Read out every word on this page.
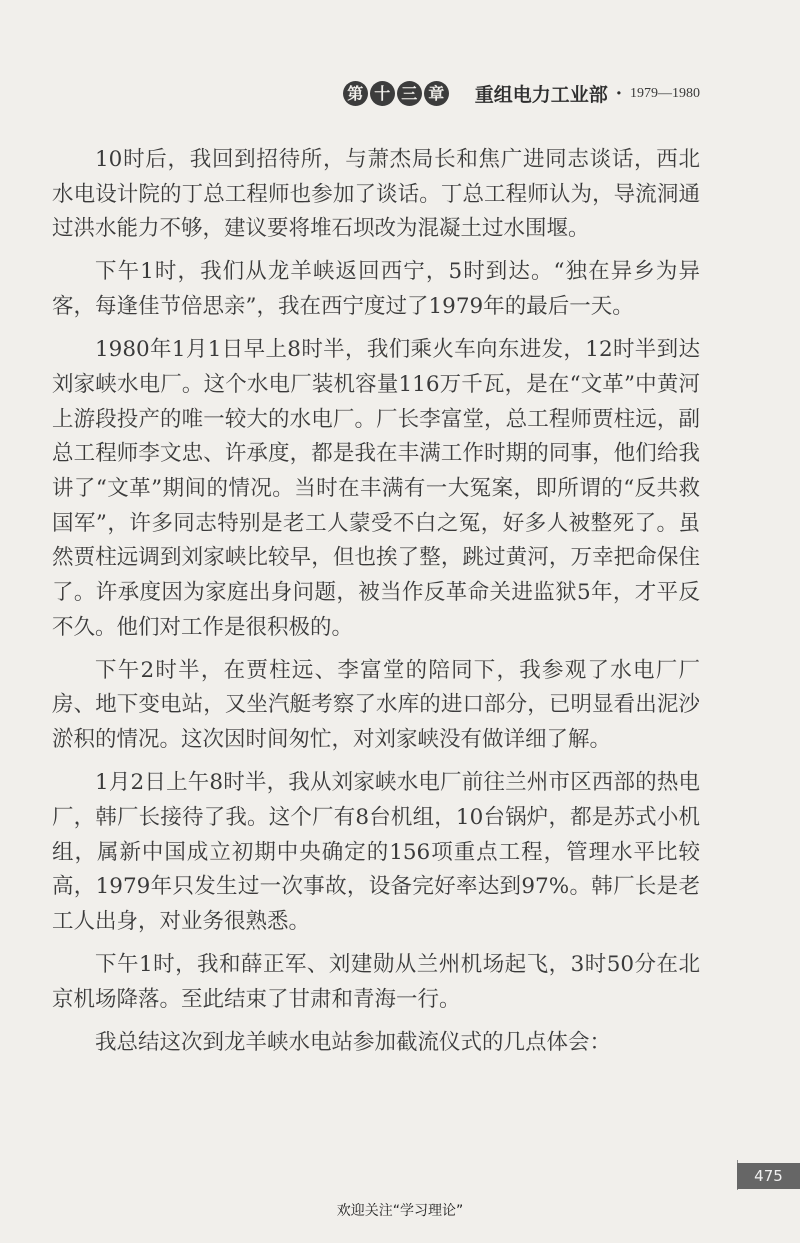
第 十 三 章 重组电力工业部 · 1979—1980

10时后，我回到招待所，与萧杰局长和焦广进同志谈话，西北水电设计院的丁总工程师也参加了谈话。丁总工程师认为，导流洞通过洪水能力不够，建议要将堆石坝改为混凝土过水围堰。

下午1时，我们从龙羊峡返回西宁，5时到达。“独在异乡为异客，每逢佳节倍思亲”，我在西宁度过了1979年的最后一天。

1980年1月1日早上8时半，我们乘火车向东进发，12时半到达刘家峡水电厂。这个水电厂装机容量116万千瓦，是在“文革”中黄河上游段投产的唯一较大的水电厂。厂长李富堂，总工程师贾柱远，副总工程师李文忠、许承度，都是我在丰满工作时期的同事，他们给我讲了“文革”期间的情况。当时在丰满有一大冤案，即所谓的“反共救国军”，许多同志特别是老工人蒙受不白之冤，好多人被整死了。虽然贾柱远调到刘家峡比较早，但也挨了整，跳过黄河，万幸把命保住了。许承度因为家庭出身问题，被当作反革命关进监狱5年，才平反不久。他们对工作是很积极的。

下午2时半，在贾柱远、李富堂的陪同下，我参观了水电厂厂房、地下变电站，又坐汽艇考察了水库的进口部分，已明显看出泥沙淤积的情况。这次因时间匆忙，对刘家峡没有做详细了解。

1月2日上午8时半，我从刘家峡水电厂前往兰州市区西部的热电厂，韩厂长接待了我。这个厂有8台机组，10台锅炉，都是苏式小机组，属新中国成立初期中央确定的156项重点工程，管理水平比较高，1979年只发生过一次事故，设备完好率达到97%。韩厂长是老工人出身，对业务很熟悉。

下午1时，我和薛正军、刘建勋从兰州机场起飞，3时50分在北京机场降落。至此结束了甘肃和青海一行。

我总结这次到龙羊峡水电站参加截流仪式的几点体会：

475
欢迎关注“学习理论”
